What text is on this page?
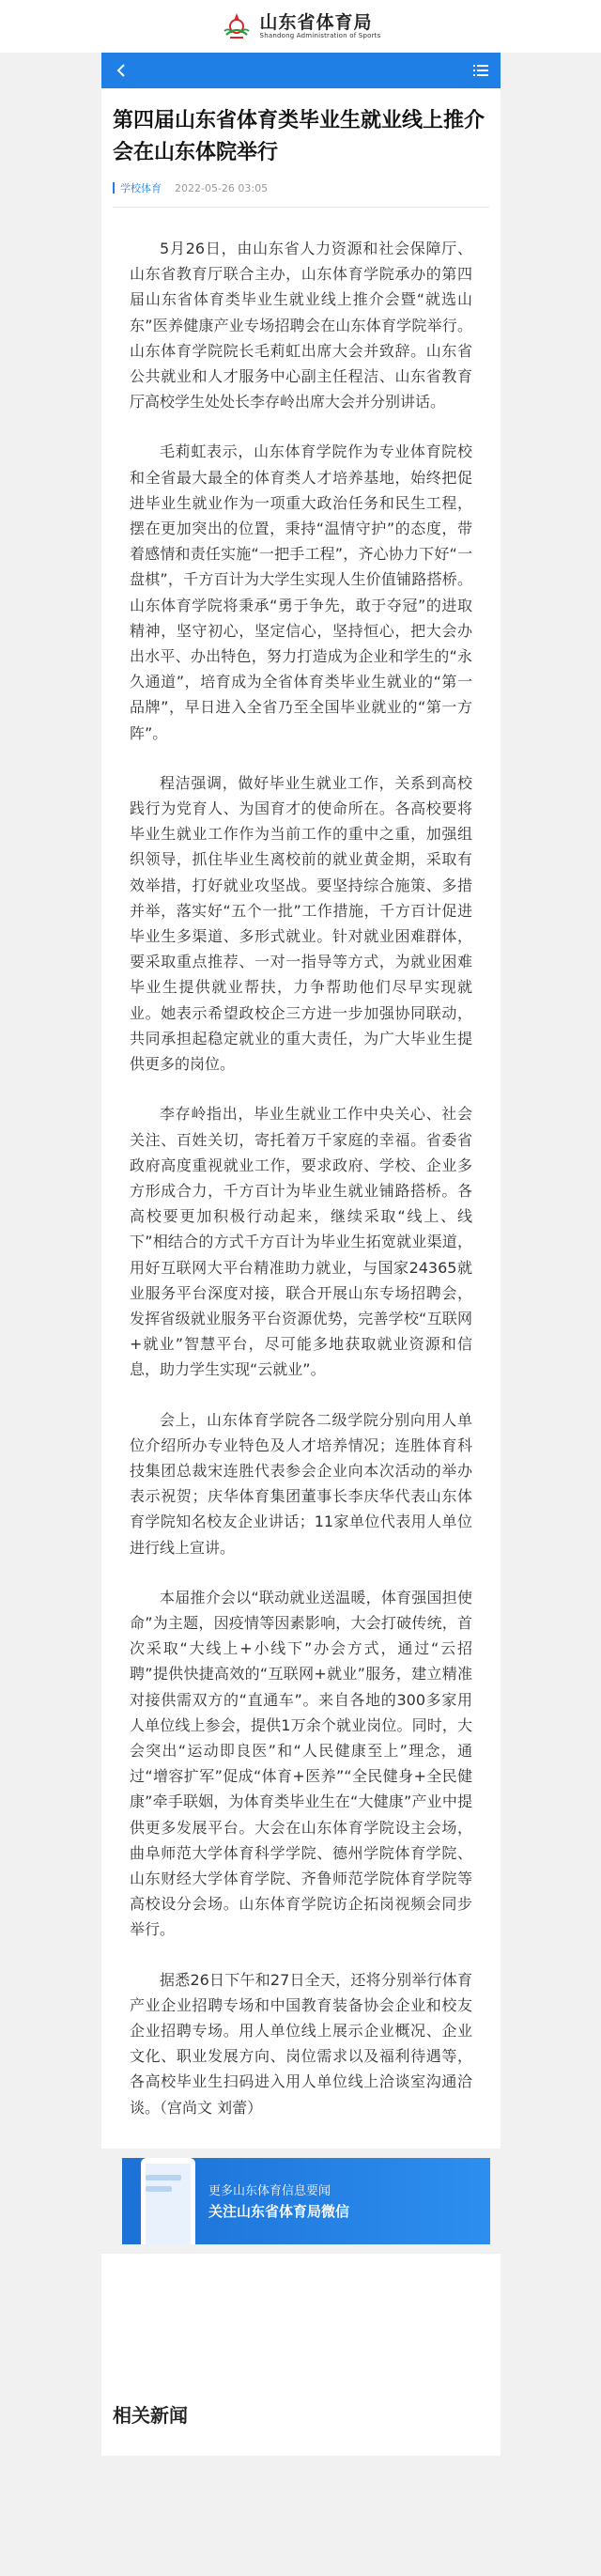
山东省体育局
Shandong Administration of Sports
第四届山东省体育类毕业生就业线上推介会在山东体院举行
学校体育 2022-05-26 03:05

5月26日，由山东省人力资源和社会保障厅、山东省教育厅联合主办，山东体育学院承办的第四届山东省体育类毕业生就业线上推介会暨“就选山东”医养健康产业专场招聘会在山东体育学院举行。山东体育学院院长毛莉虹出席大会并致辞。山东省公共就业和人才服务中心副主任程洁、山东省教育厅高校学生处处长李存岭出席大会并分别讲话。

毛莉虹表示，山东体育学院作为专业体育院校和全省最大最全的体育类人才培养基地，始终把促进毕业生就业作为一项重大政治任务和民生工程，摆在更加突出的位置，秉持“温情守护”的态度，带着感情和责任实施“一把手工程”，齐心协力下好“一盘棋”，千方百计为大学生实现人生价值铺路搭桥。山东体育学院将秉承“勇于争先，敢于夺冠”的进取精神，坚守初心，坚定信心，坚持恒心，把大会办出水平、办出特色，努力打造成为企业和学生的“永久通道”，培育成为全省体育类毕业生就业的“第一品牌”，早日进入全省乃至全国毕业就业的“第一方阵”。

程洁强调，做好毕业生就业工作，关系到高校践行为党育人、为国育才的使命所在。各高校要将毕业生就业工作作为当前工作的重中之重，加强组织领导，抓住毕业生离校前的就业黄金期，采取有效举措，打好就业攻坚战。要坚持综合施策、多措并举，落实好“五个一批”工作措施，千方百计促进毕业生多渠道、多形式就业。针对就业困难群体，要采取重点推荐、一对一指导等方式，为就业困难毕业生提供就业帮扶，力争帮助他们尽早实现就业。她表示希望政校企三方进一步加强协同联动，共同承担起稳定就业的重大责任，为广大毕业生提供更多的岗位。

李存岭指出，毕业生就业工作中央关心、社会关注、百姓关切，寄托着万千家庭的幸福。省委省政府高度重视就业工作，要求政府、学校、企业多方形成合力，千方百计为毕业生就业铺路搭桥。各高校要更加积极行动起来，继续采取“线上、线下”相结合的方式千方百计为毕业生拓宽就业渠道，用好互联网大平台精准助力就业，与国家24365就业服务平台深度对接，联合开展山东专场招聘会，发挥省级就业服务平台资源优势，完善学校“互联网+就业”智慧平台，尽可能多地获取就业资源和信息，助力学生实现“云就业”。

会上，山东体育学院各二级学院分别向用人单位介绍所办专业特色及人才培养情况；连胜体育科技集团总裁宋连胜代表参会企业向本次活动的举办表示祝贺；庆华体育集团董事长李庆华代表山东体育学院知名校友企业讲话；11家单位代表用人单位进行线上宣讲。

本届推介会以“联动就业送温暖，体育强国担使命”为主题，因疫情等因素影响，大会打破传统，首次采取“大线上+小线下”办会方式，通过“云招聘”提供快捷高效的“互联网+就业”服务，建立精准对接供需双方的“直通车”。来自各地的300多家用人单位线上参会，提供1万余个就业岗位。同时，大会突出“运动即良医”和“人民健康至上”理念，通过“增容扩军”促成“体育+医养”“全民健身+全民健康”牵手联姻，为体育类毕业生在“大健康”产业中提供更多发展平台。大会在山东体育学院设主会场，曲阜师范大学体育科学学院、德州学院体育学院、山东财经大学体育学院、齐鲁师范学院体育学院等高校设分会场。山东体育学院访企拓岗视频会同步举行。

据悉26日下午和27日全天，还将分别举行体育产业企业招聘专场和中国教育装备协会企业和校友企业招聘专场。用人单位线上展示企业概况、企业文化、职业发展方向、岗位需求以及福利待遇等，各高校毕业生扫码进入用人单位线上洽谈室沟通洽谈。（宫尚文 刘蕾）

更多山东体育信息要闻
关注山东省体育局微信
相关新闻
